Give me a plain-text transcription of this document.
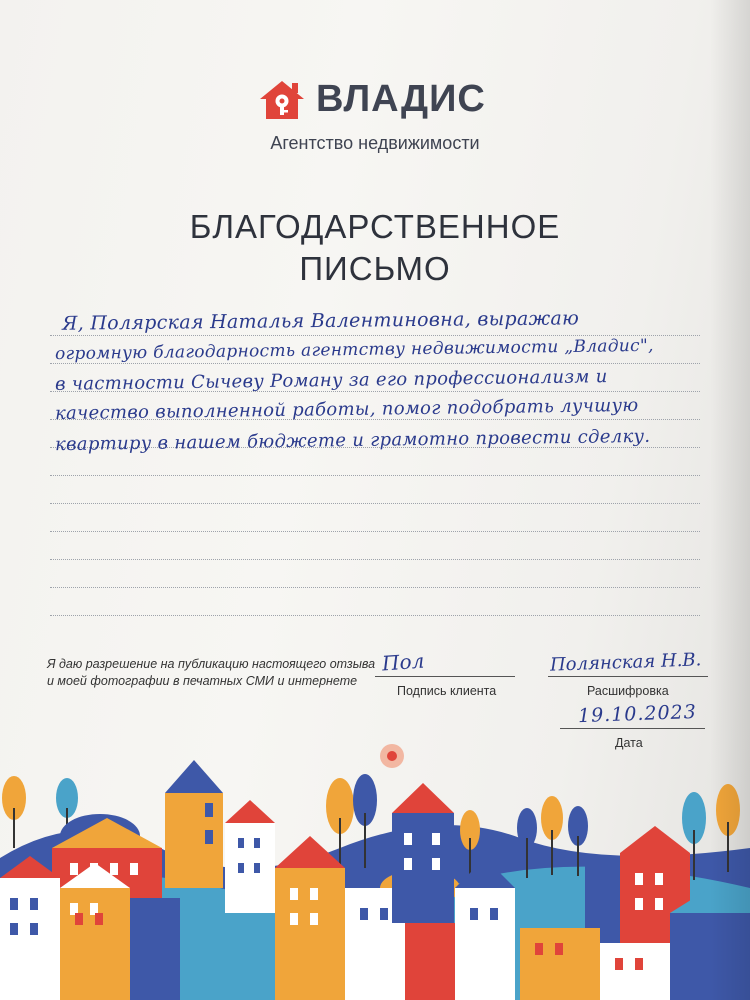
ВЛАДИС
Агентство недвижимости
БЛАГОДАРСТВЕННОЕ
ПИСЬМО
Я, Полярская Наталья Валентиновна, выражаю
огромную благодарность агентству недвижимости „Владис",
в частности Сычеву Роману за его профессионализм и
качество выполненной работы, помог подобрать лучшую
квартиру в нашем бюджете и грамотно провести сделку.
Я даю разрешение на публикацию настоящего отзыва
и моей фотографии в печатных СМИ и интернете
Пол
Подпись клиента
Полянская Н.В.
Расшифровка
19.10.2023
Дата
